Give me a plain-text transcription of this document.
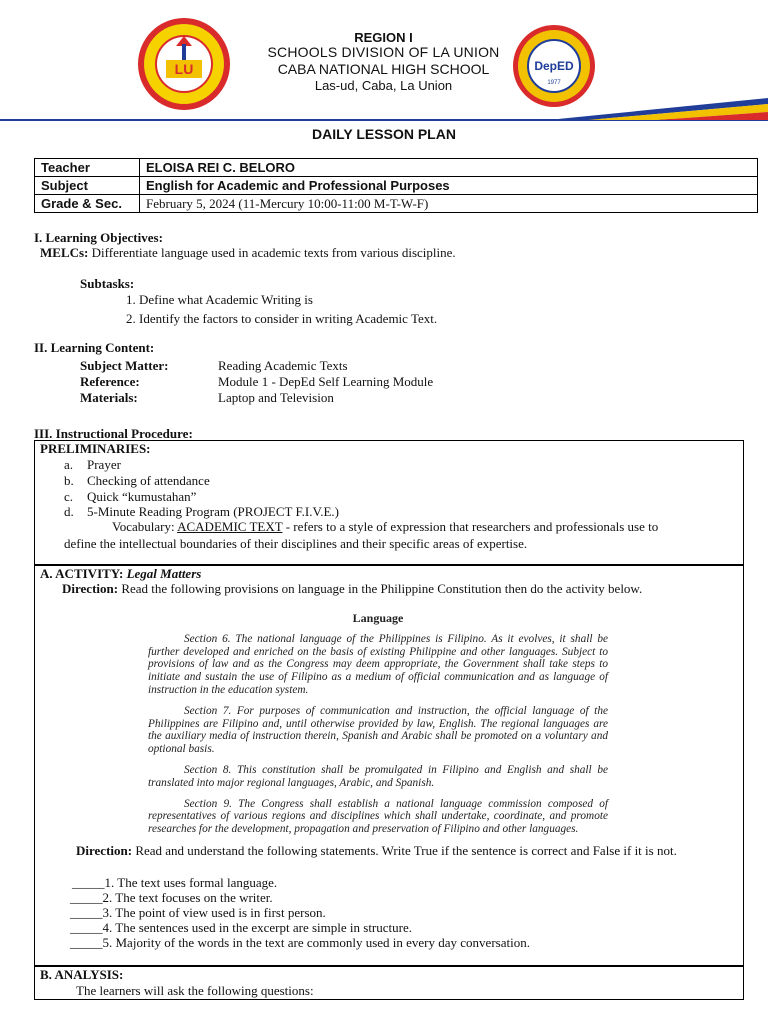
LU	DepED
1977
REGION I
SCHOOLS DIVISION OF LA UNION
CABA NATIONAL HIGH SCHOOL
Las-ud, Caba, La Union
DAILY LESSON PLAN
Teacher	ELOISA REI C. BELORO
Subject	English for Academic and Professional Purposes
Grade & Sec.	February 5, 2024 (11-Mercury 10:00-11:00 M-T-W-F)
I. Learning Objectives:
MELCs: Differentiate language used in academic texts from various discipline.
Subtasks:
1. Define what Academic Writing is
2. Identify the factors to consider in writing Academic Text.
II. Learning Content:
Subject Matter:	Reading Academic Texts
Reference:	Module 1 - DepEd Self Learning Module
Materials:	Laptop and Television
III. Instructional Procedure:
PRELIMINARIES:
a. Prayer
b. Checking of attendance
c. Quick “kumustahan”
d. 5-Minute Reading Program (PROJECT F.I.V.E.)
Vocabulary: ACADEMIC TEXT - refers to a style of expression that researchers and professionals use to
define the intellectual boundaries of their disciplines and their specific areas of expertise.
A. ACTIVITY: Legal Matters
Direction: Read the following provisions on language in the Philippine Constitution then do the activity below.
Language

Section 6. The national language of the Philippines is Filipino. As it evolves, it shall be further developed and enriched on the basis of existing Philippine and other languages. Subject to provisions of law and as the Congress may deem appropriate, the Government shall take steps to initiate and sustain the use of Filipino as a medium of official communication and as language of instruction in the education system.

Section 7. For purposes of communication and instruction, the official language of the Philippines are Filipino and, until otherwise provided by law, English. The regional languages are the auxiliary media of instruction therein, Spanish and Arabic shall be promoted on a voluntary and optional basis.

Section 8. This constitution shall be promulgated in Filipino and English and shall be translated into major regional languages, Arabic, and Spanish.

Section 9. The Congress shall establish a national language commission composed of representatives of various regions and disciplines which shall undertake, coordinate, and promote researches for the development, propagation and preservation of Filipino and other languages.

Direction: Read and understand the following statements. Write True if the sentence is correct and False if it is not.
_____1. The text uses formal language.
_____2. The text focuses on the writer.
_____3. The point of view used is in first person.
_____4. The sentences used in the excerpt are simple in structure.
_____5. Majority of the words in the text are commonly used in every day conversation.
B. ANALYSIS:
The learners will ask the following questions:
